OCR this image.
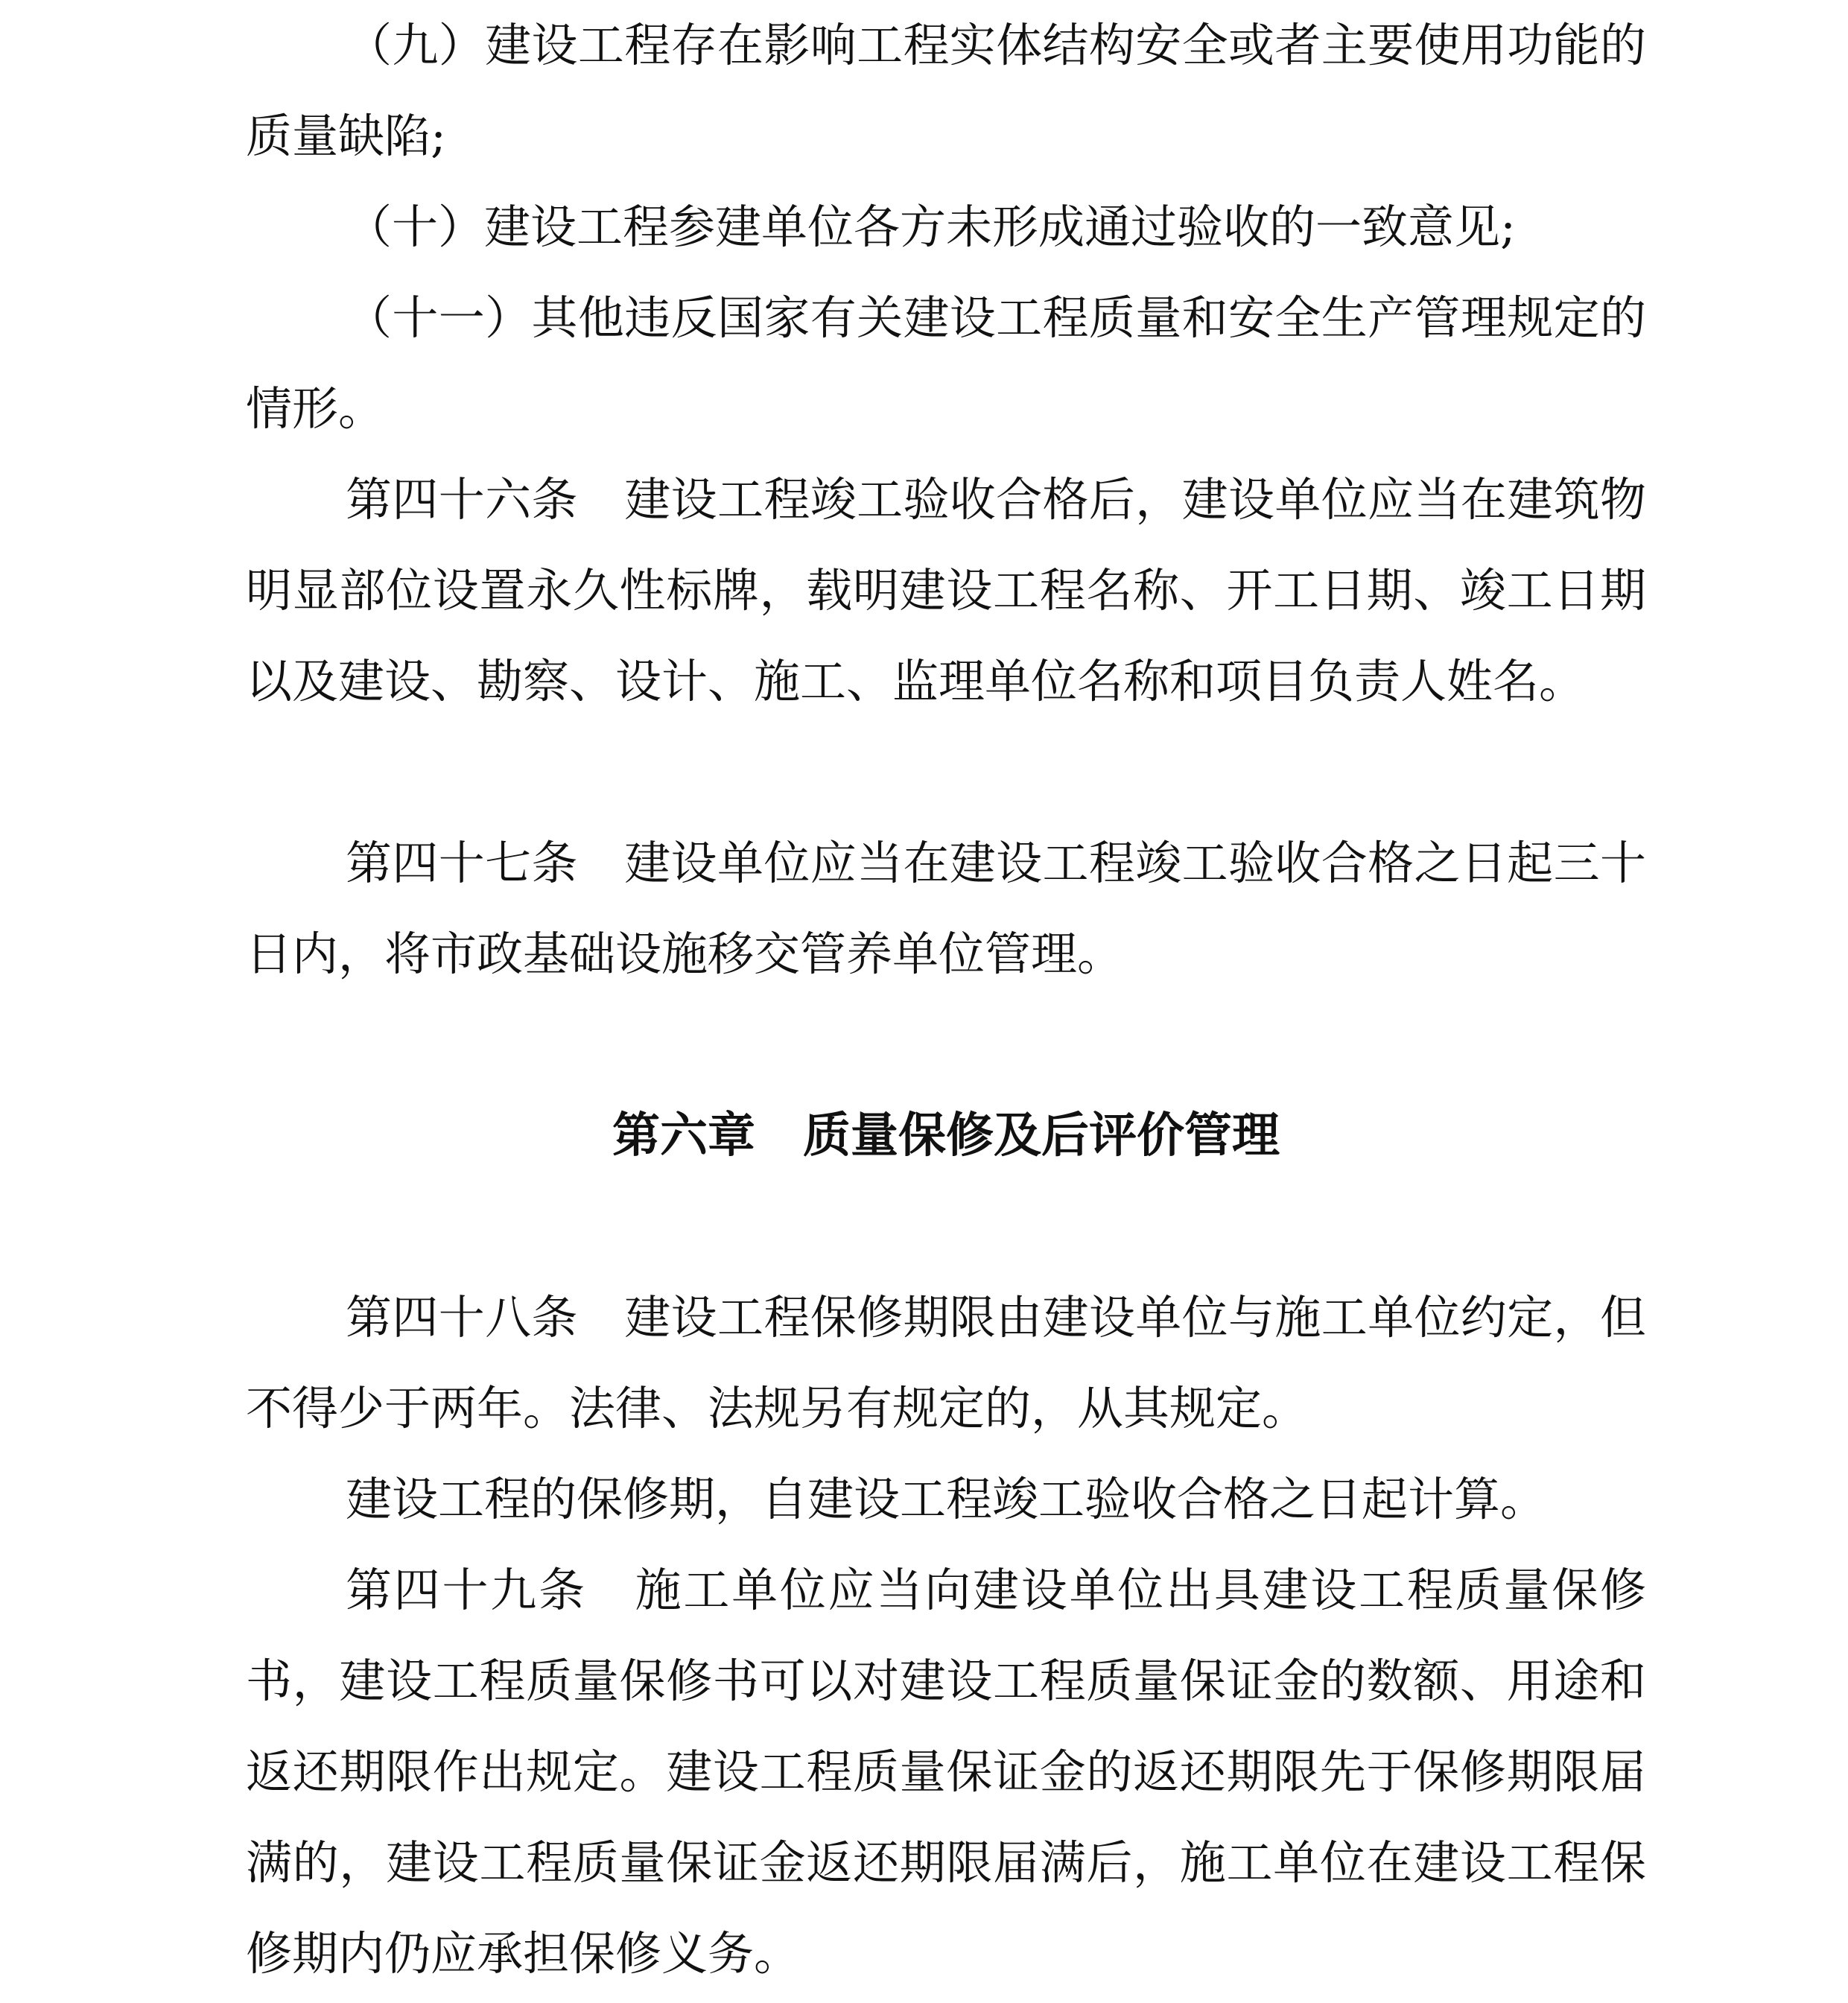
（九）建设工程存在影响工程实体结构安全或者主要使用功能的质量缺陷;

（十）建设工程参建单位各方未形成通过验收的一致意见;

（十一）其他违反国家有关建设工程质量和安全生产管理规定的情形。

第四十六条　建设工程竣工验收合格后，建设单位应当在建筑物明显部位设置永久性标牌，载明建设工程名称、开工日期、竣工日期以及建设、勘察、设计、施工、监理单位名称和项目负责人姓名。

第四十七条　建设单位应当在建设工程竣工验收合格之日起三十日内，将市政基础设施移交管养单位管理。

第六章　质量保修及后评价管理

第四十八条　建设工程保修期限由建设单位与施工单位约定，但不得少于两年。法律、法规另有规定的，从其规定。

建设工程的保修期，自建设工程竣工验收合格之日起计算。

第四十九条　施工单位应当向建设单位出具建设工程质量保修书，建设工程质量保修书可以对建设工程质量保证金的数额、用途和返还期限作出规定。建设工程质量保证金的返还期限先于保修期限届满的，建设工程质量保证金返还期限届满后，施工单位在建设工程保修期内仍应承担保修义务。
